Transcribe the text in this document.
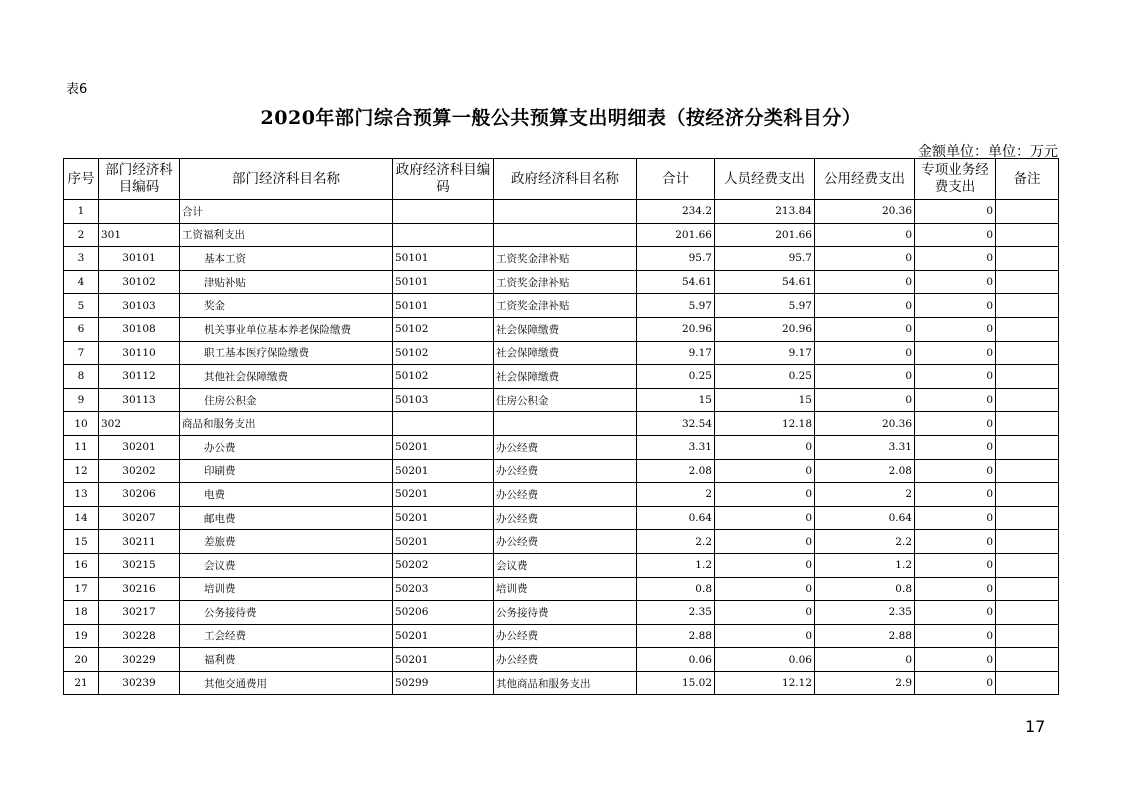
表6
2020年部门综合预算一般公共预算支出明细表（按经济分类科目分）
金额单位：单位：万元
序号	部门经济科目编码	部门经济科目名称	政府经济科目编码	政府经济科目名称	合计	人员经费支出	公用经费支出	专项业务经费支出	备注
1		合计			234.2	213.84	20.36	0	
2	301	工资福利支出			201.66	201.66	0	0	
3	30101	基本工资	50101	工资奖金津补贴	95.7	95.7	0	0	
4	30102	津贴补贴	50101	工资奖金津补贴	54.61	54.61	0	0	
5	30103	奖金	50101	工资奖金津补贴	5.97	5.97	0	0	
6	30108	机关事业单位基本养老保险缴费	50102	社会保障缴费	20.96	20.96	0	0	
7	30110	职工基本医疗保险缴费	50102	社会保障缴费	9.17	9.17	0	0	
8	30112	其他社会保障缴费	50102	社会保障缴费	0.25	0.25	0	0	
9	30113	住房公积金	50103	住房公积金	15	15	0	0	
10	302	商品和服务支出			32.54	12.18	20.36	0	
11	30201	办公费	50201	办公经费	3.31	0	3.31	0	
12	30202	印刷费	50201	办公经费	2.08	0	2.08	0	
13	30206	电费	50201	办公经费	2	0	2	0	
14	30207	邮电费	50201	办公经费	0.64	0	0.64	0	
15	30211	差旅费	50201	办公经费	2.2	0	2.2	0	
16	30215	会议费	50202	会议费	1.2	0	1.2	0	
17	30216	培训费	50203	培训费	0.8	0	0.8	0	
18	30217	公务接待费	50206	公务接待费	2.35	0	2.35	0	
19	30228	工会经费	50201	办公经费	2.88	0	2.88	0	
20	30229	福利费	50201	办公经费	0.06	0.06	0	0	
21	30239	其他交通费用	50299	其他商品和服务支出	15.02	12.12	2.9	0	
17
